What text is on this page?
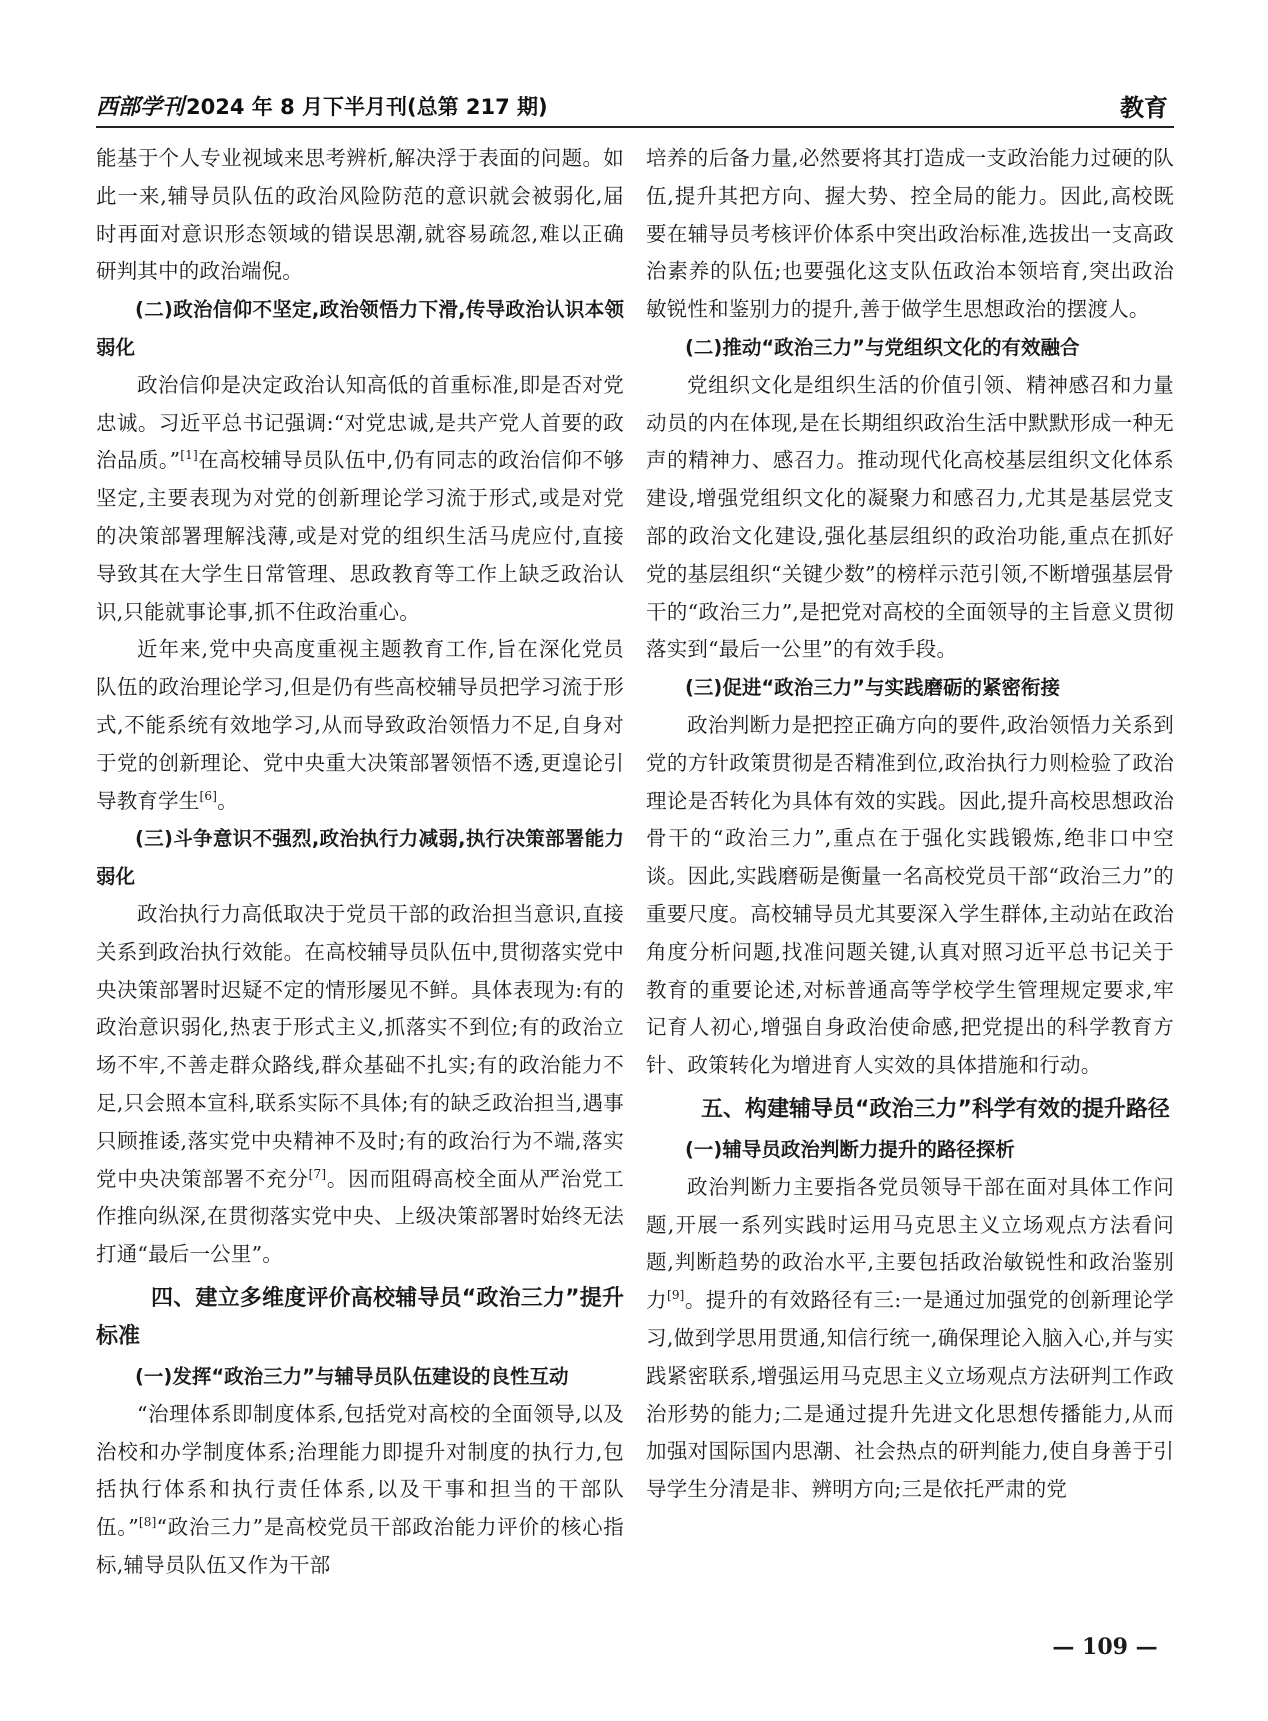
西部学刊2024 年 8 月下半月刊(总第 217 期)	教育

能基于个人专业视域来思考辨析,解决浮于表面的问题。如此一来,辅导员队伍的政治风险防范的意识就会被弱化,届时再面对意识形态领域的错误思潮,就容易疏忽,难以正确研判其中的政治端倪。

(二)政治信仰不坚定,政治领悟力下滑,传导政治认识本领弱化

政治信仰是决定政治认知高低的首重标准,即是否对党忠诚。习近平总书记强调:“对党忠诚,是共产党人首要的政治品质。”[1]在高校辅导员队伍中,仍有同志的政治信仰不够坚定,主要表现为对党的创新理论学习流于形式,或是对党的决策部署理解浅薄,或是对党的组织生活马虎应付,直接导致其在大学生日常管理、思政教育等工作上缺乏政治认识,只能就事论事,抓不住政治重心。

近年来,党中央高度重视主题教育工作,旨在深化党员队伍的政治理论学习,但是仍有些高校辅导员把学习流于形式,不能系统有效地学习,从而导致政治领悟力不足,自身对于党的创新理论、党中央重大决策部署领悟不透,更遑论引导教育学生[6]。

(三)斗争意识不强烈,政治执行力减弱,执行决策部署能力弱化

政治执行力高低取决于党员干部的政治担当意识,直接关系到政治执行效能。在高校辅导员队伍中,贯彻落实党中央决策部署时迟疑不定的情形屡见不鲜。具体表现为:有的政治意识弱化,热衷于形式主义,抓落实不到位;有的政治立场不牢,不善走群众路线,群众基础不扎实;有的政治能力不足,只会照本宣科,联系实际不具体;有的缺乏政治担当,遇事只顾推诿,落实党中央精神不及时;有的政治行为不端,落实党中央决策部署不充分[7]。因而阻碍高校全面从严治党工作推向纵深,在贯彻落实党中央、上级决策部署时始终无法打通“最后一公里”。

四、建立多维度评价高校辅导员“政治三力”提升标准
(一)发挥“政治三力”与辅导员队伍建设的良性互动

“治理体系即制度体系,包括党对高校的全面领导,以及治校和办学制度体系;治理能力即提升对制度的执行力,包括执行体系和执行责任体系,以及干事和担当的干部队伍。”[8]“政治三力”是高校党员干部政治能力评价的核心指标,辅导员队伍又作为干部

培养的后备力量,必然要将其打造成一支政治能力过硬的队伍,提升其把方向、握大势、控全局的能力。因此,高校既要在辅导员考核评价体系中突出政治标准,选拔出一支高政治素养的队伍;也要强化这支队伍政治本领培育,突出政治敏锐性和鉴别力的提升,善于做学生思想政治的摆渡人。

(二)推动“政治三力”与党组织文化的有效融合

党组织文化是组织生活的价值引领、精神感召和力量动员的内在体现,是在长期组织政治生活中默默形成一种无声的精神力、感召力。推动现代化高校基层组织文化体系建设,增强党组织文化的凝聚力和感召力,尤其是基层党支部的政治文化建设,强化基层组织的政治功能,重点在抓好党的基层组织“关键少数”的榜样示范引领,不断增强基层骨干的“政治三力”,是把党对高校的全面领导的主旨意义贯彻落实到“最后一公里”的有效手段。

(三)促进“政治三力”与实践磨砺的紧密衔接

政治判断力是把控正确方向的要件,政治领悟力关系到党的方针政策贯彻是否精准到位,政治执行力则检验了政治理论是否转化为具体有效的实践。因此,提升高校思想政治骨干的“政治三力”,重点在于强化实践锻炼,绝非口中空谈。因此,实践磨砺是衡量一名高校党员干部“政治三力”的重要尺度。高校辅导员尤其要深入学生群体,主动站在政治角度分析问题,找准问题关键,认真对照习近平总书记关于教育的重要论述,对标普通高等学校学生管理规定要求,牢记育人初心,增强自身政治使命感,把党提出的科学教育方针、政策转化为增进育人实效的具体措施和行动。

五、构建辅导员“政治三力”科学有效的提升路径
(一)辅导员政治判断力提升的路径探析

政治判断力主要指各党员领导干部在面对具体工作问题,开展一系列实践时运用马克思主义立场观点方法看问题,判断趋势的政治水平,主要包括政治敏锐性和政治鉴别力[9]。提升的有效路径有三:一是通过加强党的创新理论学习,做到学思用贯通,知信行统一,确保理论入脑入心,并与实践紧密联系,增强运用马克思主义立场观点方法研判工作政治形势的能力;二是通过提升先进文化思想传播能力,从而加强对国际国内思潮、社会热点的研判能力,使自身善于引导学生分清是非、辨明方向;三是依托严肃的党

— 109 —
